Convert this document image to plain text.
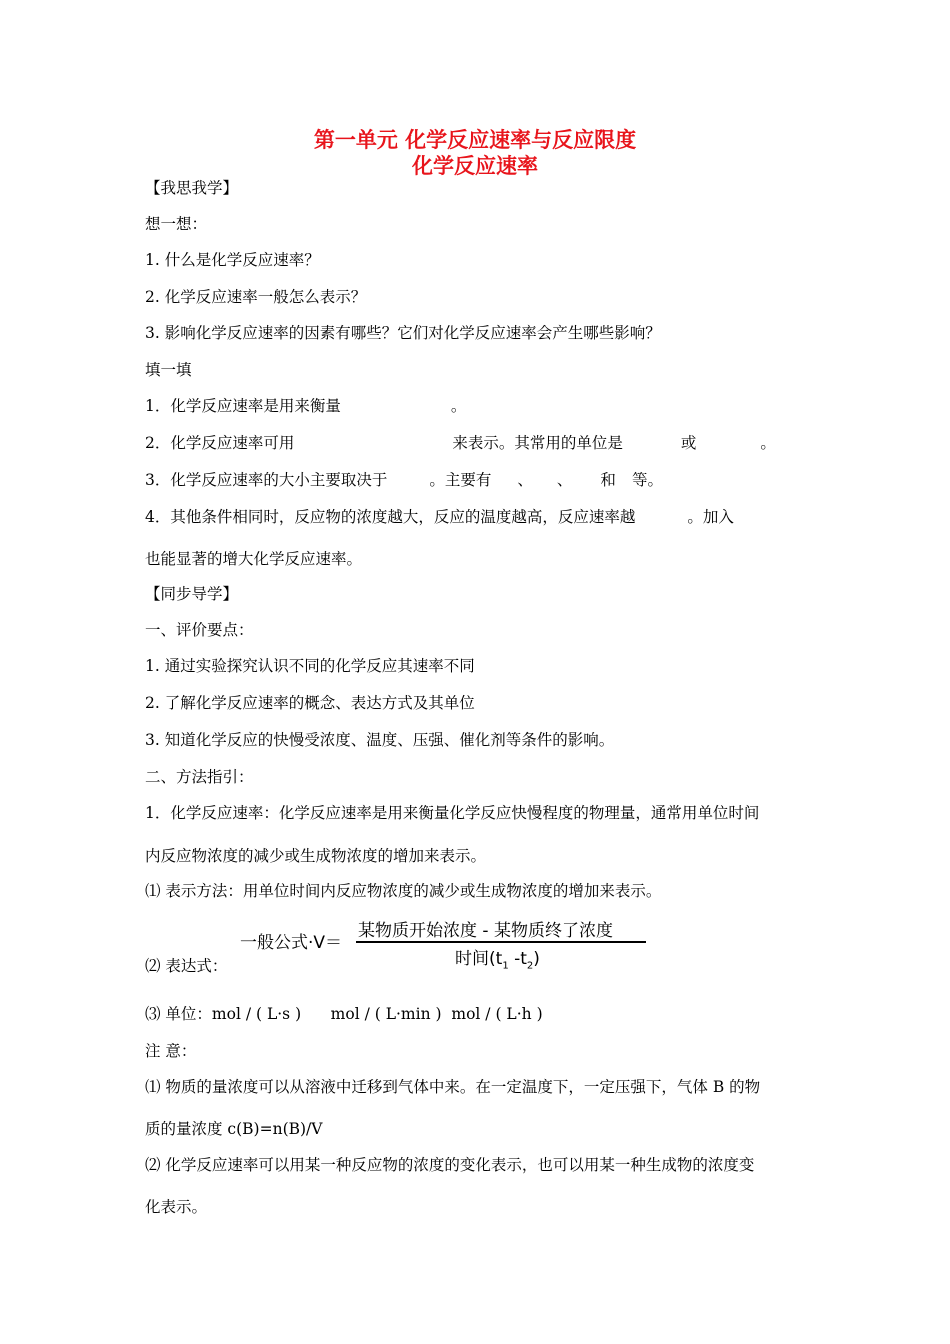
第一单元 化学反应速率与反应限度
化学反应速率
【我思我学】
想一想：
1. 什么是化学反应速率？
2. 化学反应速率一般怎么表示？
3. 影响化学反应速率的因素有哪些？它们对化学反应速率会产生哪些影响？
填一填
1．化学反应速率是用来衡量	。
2．化学反应速率可用	来表示。其常用的单位是	或	。
3．化学反应速率的大小主要取决于	。主要有 、 、 和 等。
4．其他条件相同时，反应物的浓度越大，反应的温度越高，反应速率越	。加入
也能显著的增大化学反应速率。
【同步导学】
一、评价要点：
1. 通过实验探究认识不同的化学反应其速率不同
2. 了解化学反应速率的概念、表达方式及其单位
3. 知道化学反应的快慢受浓度、温度、压强、催化剂等条件的影响。
二、方法指引：
1．化学反应速率：化学反应速率是用来衡量化学反应快慢程度的物理量，通常用单位时间
内反应物浓度的减少或生成物浓度的增加来表示。
⑴ 表示方法：用单位时间内反应物浓度的减少或生成物浓度的增加来表示。
一般公式·V＝
某物质开始浓度 - 某物质终了浓度
时间($t_1$ $-t_2$)
⑵ 表达式：
⑶ 单位：mol / ( L·s )      mol / ( L·min )  mol / ( L·h )
注 意：
⑴ 物质的量浓度可以从溶液中迁移到气体中来。在一定温度下，一定压强下，气体 B 的物
质的量浓度 c(B)=n(B)/V
⑵ 化学反应速率可以用某一种反应物的浓度的变化表示，也可以用某一种生成物的浓度变
化表示。
